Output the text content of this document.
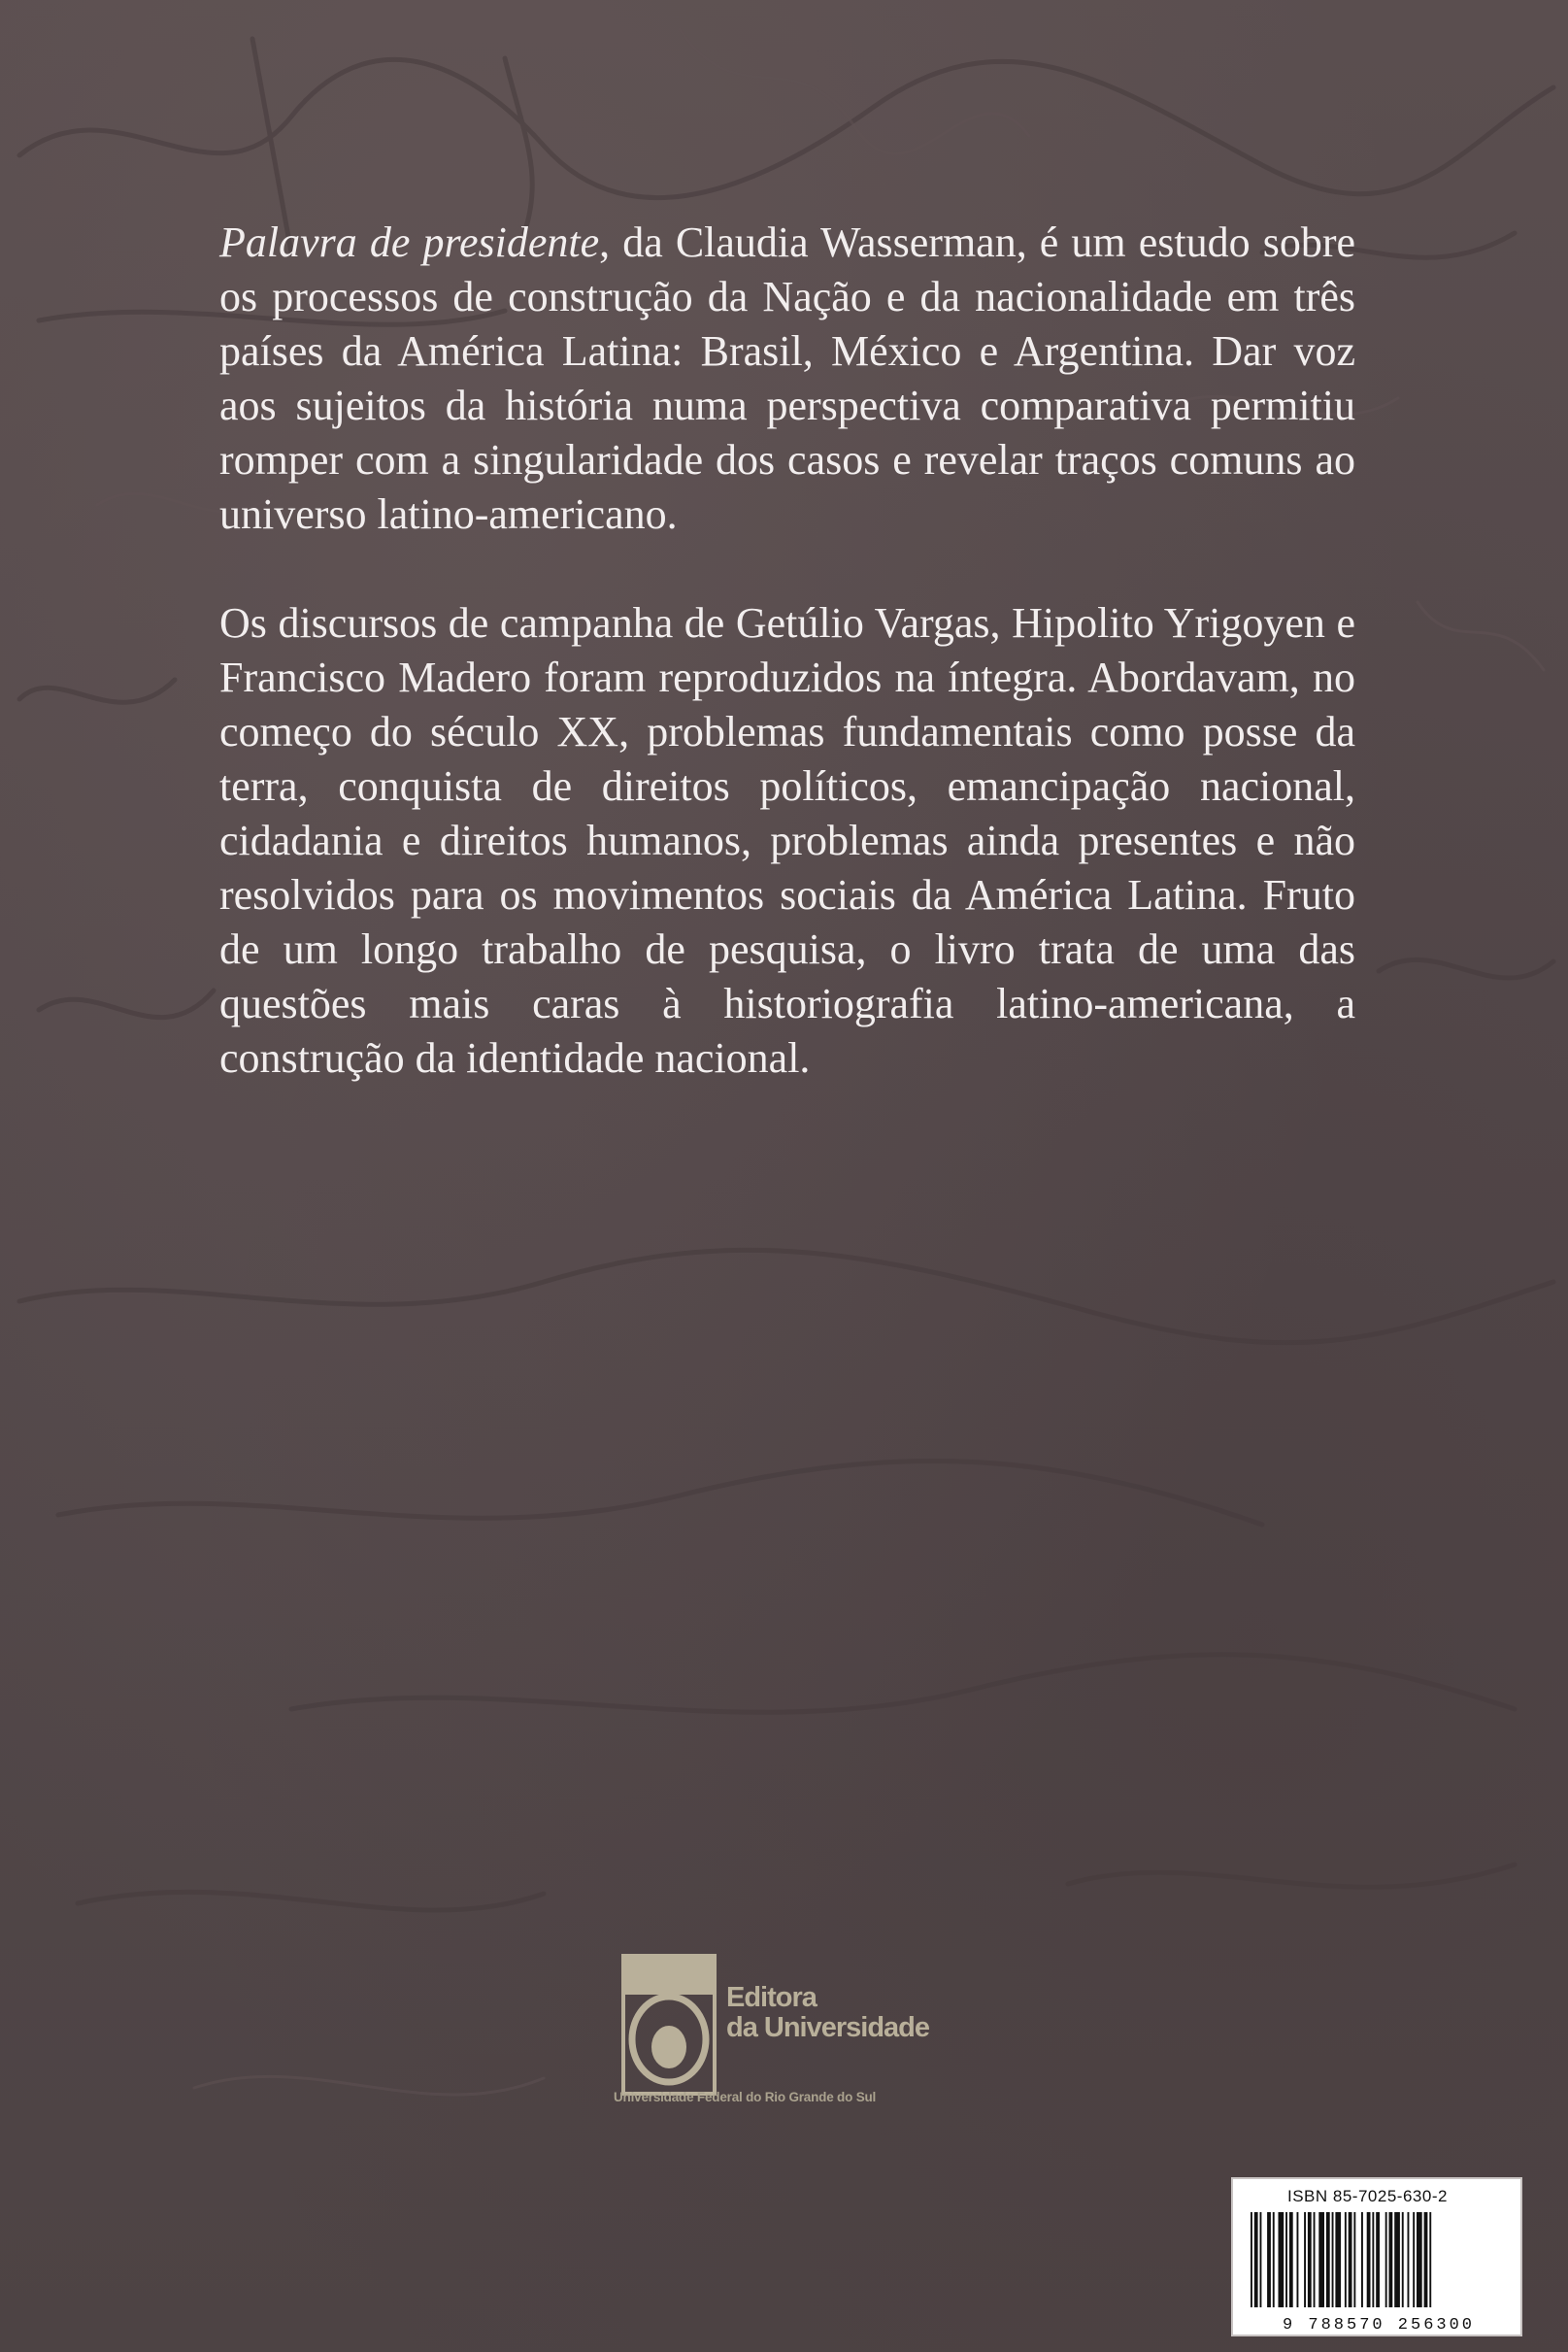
Palavra de presidente, da Claudia Wasserman, é um estudo sobre os processos de construção da Nação e da nacionalidade em três países da América Latina: Brasil, México e Argentina. Dar voz aos sujeitos da história numa perspectiva comparativa permitiu romper com a singularidade dos casos e revelar traços comuns ao universo latino-americano.

Os discursos de campanha de Getúlio Vargas, Hipolito Yrigoyen e Francisco Madero foram reproduzidos na íntegra. Abordavam, no começo do século XX, problemas fundamentais como posse da terra, conquista de direitos políticos, emancipação nacional, cidadania e direitos humanos, problemas ainda presentes e não resolvidos para os movimentos sociais da América Latina. Fruto de um longo trabalho de pesquisa, o livro trata de uma das questões mais caras à historiografia latino-americana, a construção da identidade nacional.

Editora
da Universidade
Universidade Federal do Rio Grande do Sul
ISBN 85-7025-630-2
9 788570 256300
